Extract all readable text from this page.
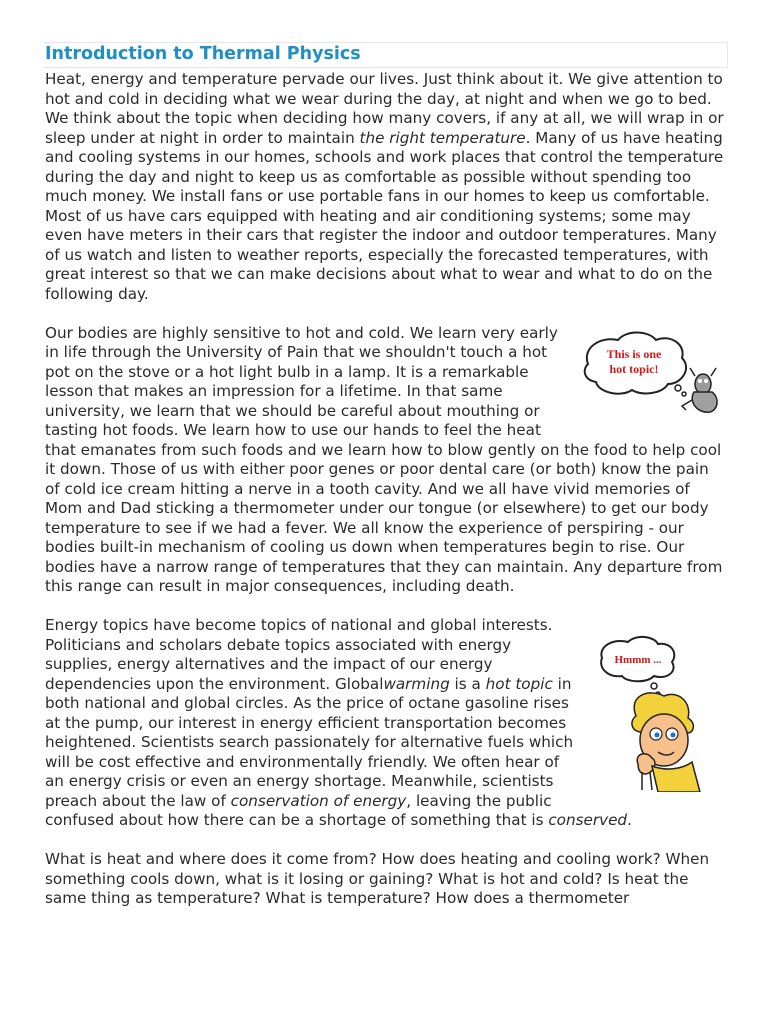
Introduction to Thermal Physics

Heat, energy and temperature pervade our lives. Just think about it. We give attention to hot and cold in deciding what we wear during the day, at night and when we go to bed. We think about the topic when deciding how many covers, if any at all, we will wrap in or sleep under at night in order to maintain the right temperature. Many of us have heating and cooling systems in our homes, schools and work places that control the temperature during the day and night to keep us as comfortable as possible without spending too much money. We install fans or use portable fans in our homes to keep us comfortable. Most of us have cars equipped with heating and air conditioning systems; some may even have meters in their cars that register the indoor and outdoor temperatures. Many of us watch and listen to weather reports, especially the forecasted temperatures, with great interest so that we can make decisions about what to wear and what to do on the following day.

This is one
hot topic!

Our bodies are highly sensitive to hot and cold. We learn very early in life through the University of Pain that we shouldn't touch a hot pot on the stove or a hot light bulb in a lamp. It is a remarkable lesson that makes an impression for a lifetime. In that same university, we learn that we should be careful about mouthing or tasting hot foods. We learn how to use our hands to feel the heat that emanates from such foods and we learn how to blow gently on the food to help cool it down. Those of us with either poor genes or poor dental care (or both) know the pain of cold ice cream hitting a nerve in a tooth cavity. And we all have vivid memories of Mom and Dad sticking a thermometer under our tongue (or elsewhere) to get our body temperature to see if we had a fever. We all know the experience of perspiring - our bodies built-in mechanism of cooling us down when temperatures begin to rise. Our bodies have a narrow range of temperatures that they can maintain. Any departure from this range can result in major consequences, including death.

Hmmm ...

Energy topics have become topics of national and global interests. Politicians and scholars debate topics associated with energy supplies, energy alternatives and the impact of our energy dependencies upon the environment. Globalwarming is a hot topic in both national and global circles. As the price of octane gasoline rises at the pump, our interest in energy efficient transportation becomes heightened. Scientists search passionately for alternative fuels which will be cost effective and environmentally friendly. We often hear of an energy crisis or even an energy shortage. Meanwhile, scientists preach about the law of conservation of energy, leaving the public confused about how there can be a shortage of something that is conserved.

What is heat and where does it come from? How does heating and cooling work? When something cools down, what is it losing or gaining? What is hot and cold? Is heat the same thing as temperature? What is temperature? How does a thermometer
